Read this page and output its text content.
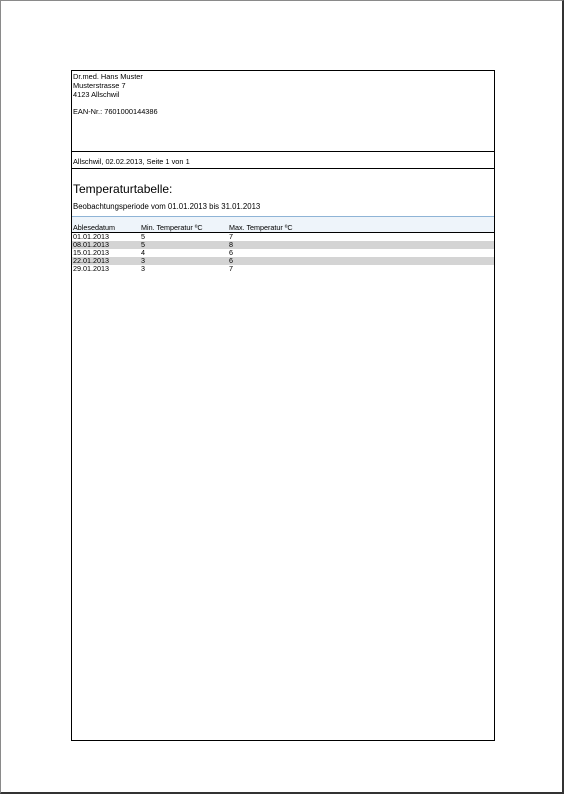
Dr.med. Hans Muster
Musterstrasse 7
4123 Allschwil
EAN-Nr.: 7601000144386
Allschwil, 02.02.2013, Seite 1 von 1
Temperaturtabelle:
Beobachtungsperiode vom 01.01.2013 bis 31.01.2013
Ablesedatum	Min. Temperatur ºC	Max. Temperatur ºC
01.01.2013	5	7
08.01.2013	5	8
15.01.2013	4	6
22.01.2013	3	6
29.01.2013	3	7
